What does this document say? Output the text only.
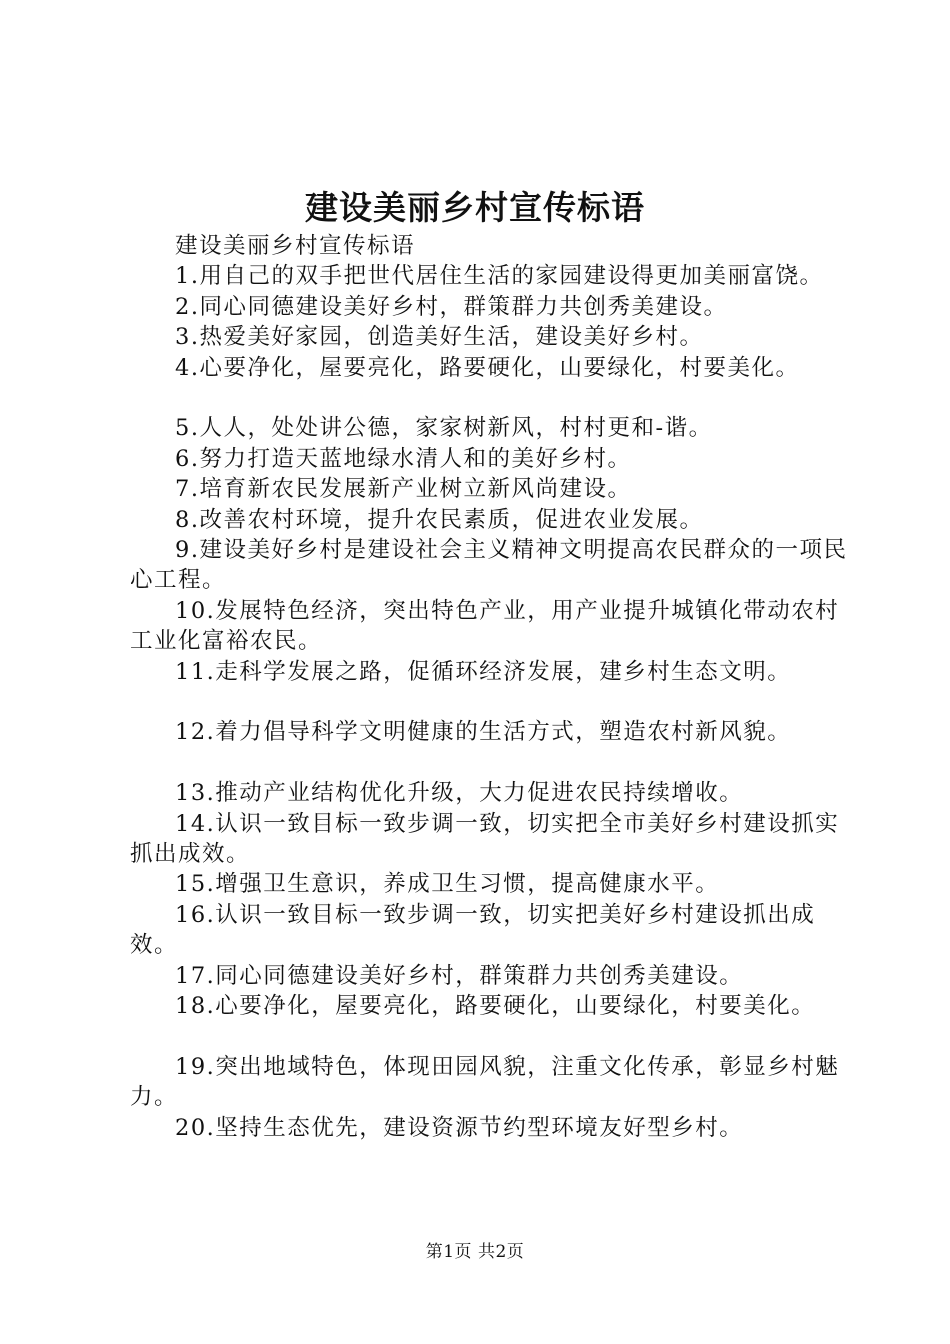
建设美丽乡村宣传标语

建设美丽乡村宣传标语

1.用自己的双手把世代居住生活的家园建设得更加美丽富饶。

2.同心同德建设美好乡村，群策群力共创秀美建设。

3.热爱美好家园，创造美好生活，建设美好乡村。

4.心要净化，屋要亮化，路要硬化，山要绿化，村要美化。

5.人人，处处讲公德，家家树新风，村村更和-谐。

6.努力打造天蓝地绿水清人和的美好乡村。

7.培育新农民发展新产业树立新风尚建设。

8.改善农村环境，提升农民素质，促进农业发展。

9.建设美好乡村是建设社会主义精神文明提高农民群众的一项民心工程。

10.发展特色经济，突出特色产业，用产业提升城镇化带动农村工业化富裕农民。

11.走科学发展之路，促循环经济发展，建乡村生态文明。

12.着力倡导科学文明健康的生活方式，塑造农村新风貌。

13.推动产业结构优化升级，大力促进农民持续增收。

14.认识一致目标一致步调一致，切实把全市美好乡村建设抓实抓出成效。

15.增强卫生意识，养成卫生习惯，提高健康水平。

16.认识一致目标一致步调一致，切实把美好乡村建设抓出成效。

17.同心同德建设美好乡村，群策群力共创秀美建设。

18.心要净化，屋要亮化，路要硬化，山要绿化，村要美化。

19.突出地域特色，体现田园风貌，注重文化传承，彰显乡村魅力。

20.坚持生态优先，建设资源节约型环境友好型乡村。

第1页 共2页
